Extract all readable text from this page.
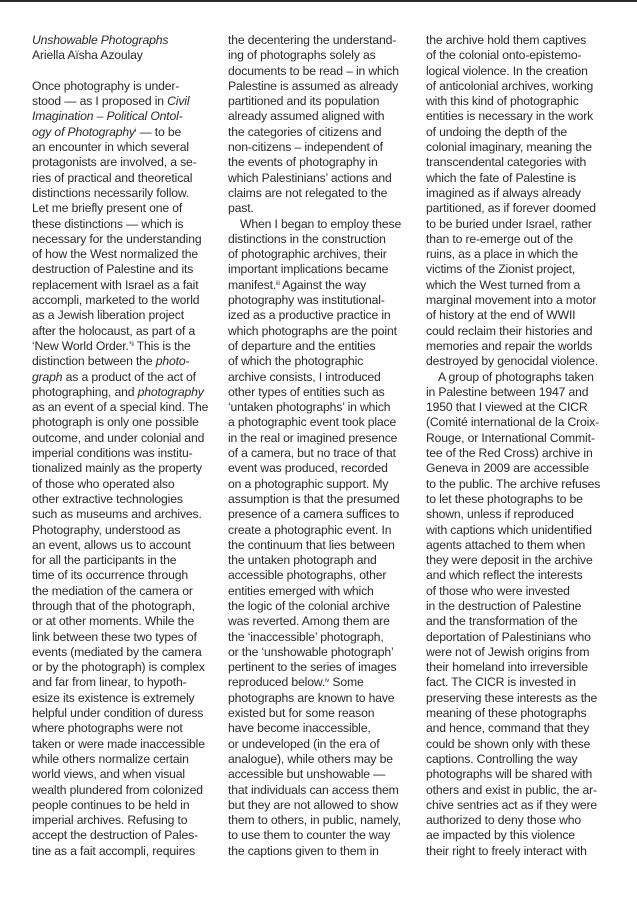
Unshowable Photographs
Ariella Aïsha Azoulay
Once photography is under-
stood — as I proposed in Civil
Imagination – Political Ontol-
ogy of Photography$^i$ — to be
an encounter in which several
protagonists are involved, a se-
ries of practical and theoretical
distinctions necessarily follow.
Let me briefly present one of
these distinctions — which is
necessary for the understanding
of how the West normalized the
destruction of Palestine and its
replacement with Israel as a fait
accompli, marketed to the world
as a Jewish liberation project
after the holocaust, as part of a
‘New World Order.’$^{ii}$ This is the
distinction between the photo-
graph as a product of the act of
photographing, and photography
as an event of a special kind. The
photograph is only one possible
outcome, and under colonial and
imperial conditions was institu-
tionalized mainly as the property
of those who operated also
other extractive technologies
such as museums and archives.
Photography, understood as
an event, allows us to account
for all the participants in the
time of its occurrence through
the mediation of the camera or
through that of the photograph,
or at other moments. While the
link between these two types of
events (mediated by the camera
or by the photograph) is complex
and far from linear, to hypoth-
esize its existence is extremely
helpful under condition of duress
where photographs were not
taken or were made inaccessible
while others normalize certain
world views, and when visual
wealth plundered from colonized
people continues to be held in
imperial archives. Refusing to
accept the destruction of Pales-
tine as a fait accompli, requires
the decentering the understand-
ing of photographs solely as
documents to be read – in which
Palestine is assumed as already
partitioned and its population
already assumed aligned with
the categories of citizens and
non-citizens – independent of
the events of photography in
which Palestinians’ actions and
claims are not relegated to the
past.
When I began to employ these
distinctions in the construction
of photographic archives, their
important implications became
manifest.$^{iii}$ Against the way
photography was institutional-
ized as a productive practice in
which photographs are the point
of departure and the entities
of which the photographic
archive consists, I introduced
other types of entities such as
‘untaken photographs’ in which
a photographic event took place
in the real or imagined presence
of a camera, but no trace of that
event was produced, recorded
on a photographic support. My
assumption is that the presumed
presence of a camera suffices to
create a photographic event. In
the continuum that lies between
the untaken photograph and
accessible photographs, other
entities emerged with which
the logic of the colonial archive
was reverted. Among them are
the ‘inaccessible’ photograph,
or the ‘unshowable photograph’
pertinent to the series of images
reproduced below.$^{iv}$ Some
photographs are known to have
existed but for some reason
have become inaccessible,
or undeveloped (in the era of
analogue), while others may be
accessible but unshowable —
that individuals can access them
but they are not allowed to show
them to others, in public, namely,
to use them to counter the way
the captions given to them in
the archive hold them captives
of the colonial onto-epistemo-
logical violence. In the creation
of anticolonial archives, working
with this kind of photographic
entities is necessary in the work
of undoing the depth of the
colonial imaginary, meaning the
transcendental categories with
which the fate of Palestine is
imagined as if always already
partitioned, as if forever doomed
to be buried under Israel, rather
than to re-emerge out of the
ruins, as a place in which the
victims of the Zionist project,
which the West turned from a
marginal movement into a motor
of history at the end of WWII
could reclaim their histories and
memories and repair the worlds
destroyed by genocidal violence.
A group of photographs taken
in Palestine between 1947 and
1950 that I viewed at the CICR
(Comité international de la Croix-
Rouge, or International Commit-
tee of the Red Cross) archive in
Geneva in 2009 are accessible
to the public. The archive refuses
to let these photographs to be
shown, unless if reproduced
with captions which unidentified
agents attached to them when
they were deposit in the archive
and which reflect the interests
of those who were invested
in the destruction of Palestine
and the transformation of the
deportation of Palestinians who
were not of Jewish origins from
their homeland into irreversible
fact. The CICR is invested in
preserving these interests as the
meaning of these photographs
and hence, command that they
could be shown only with these
captions. Controlling the way
photographs will be shared with
others and exist in public, the ar-
chive sentries act as if they were
authorized to deny those who
ae impacted by this violence
their right to freely interact with
